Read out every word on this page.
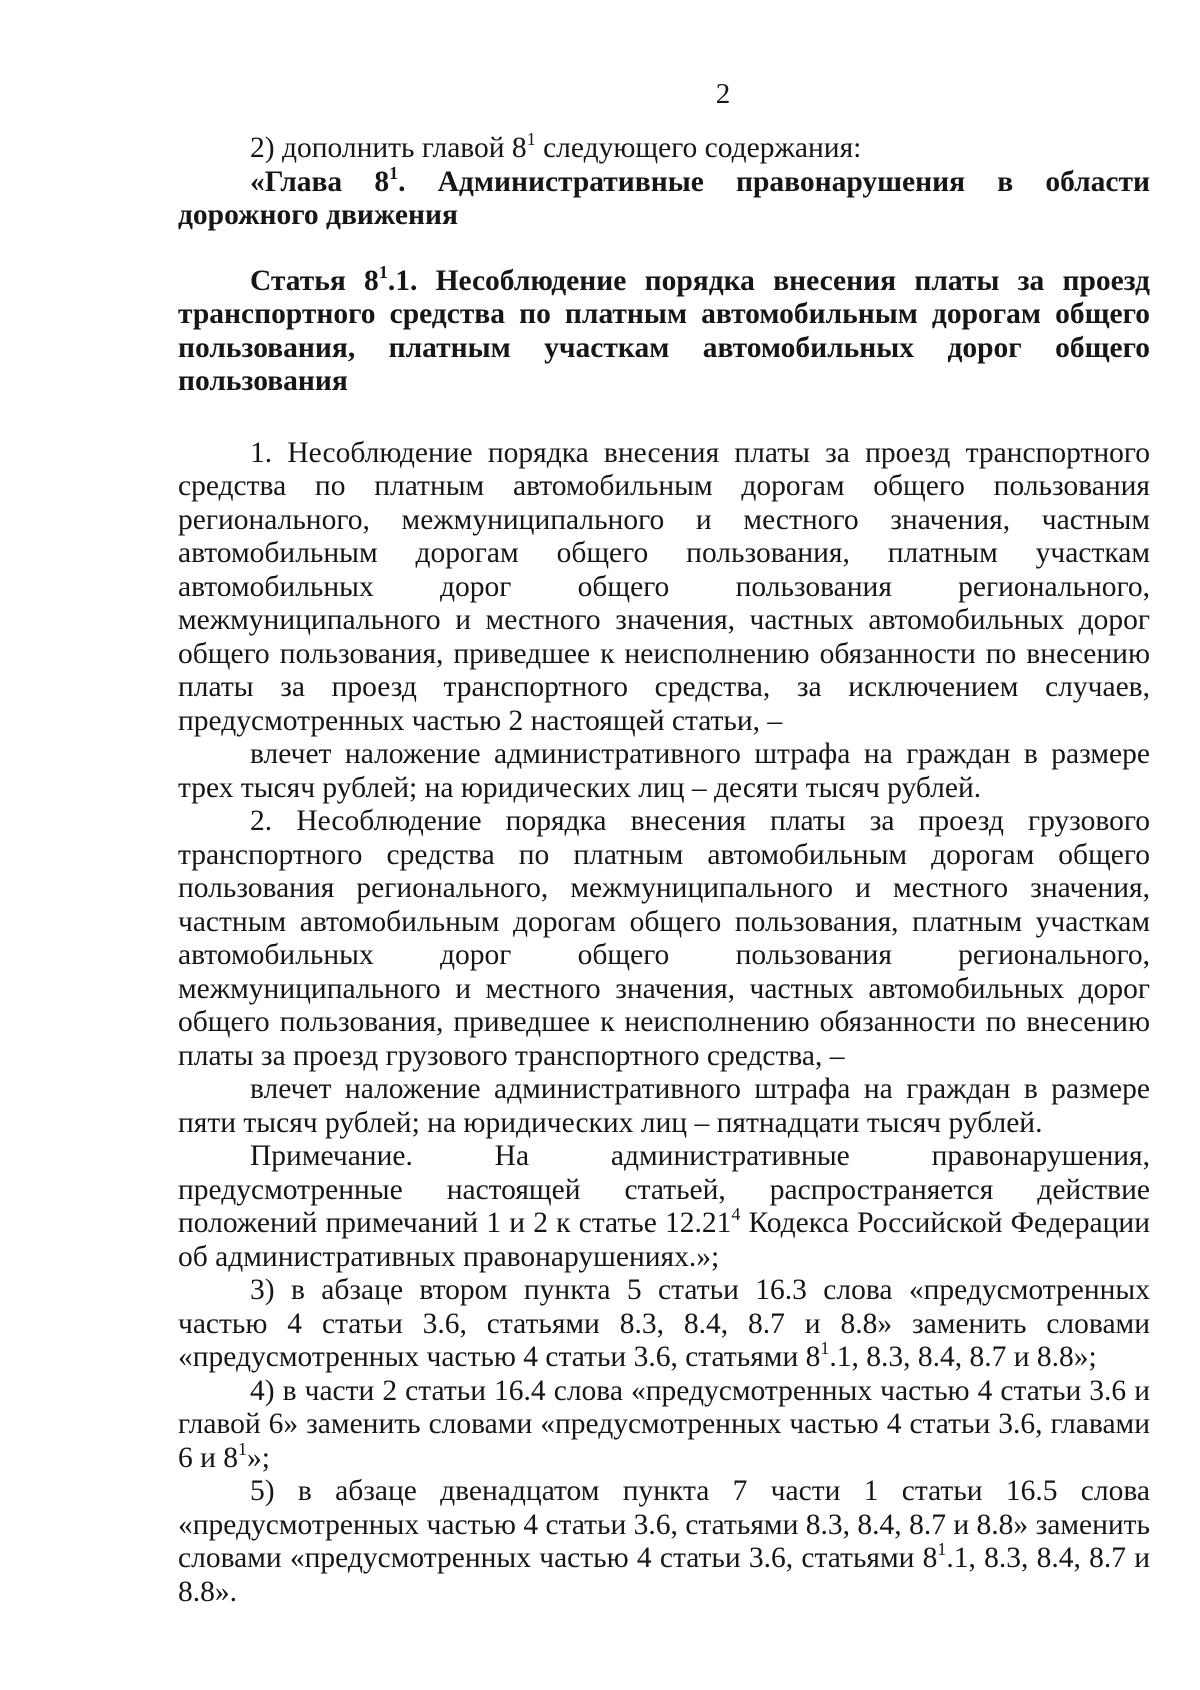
2

2) дополнить главой $8^1$ следующего содержания:

«Глава $8^1$. Административные правонарушения в области дорожного движения

Статья $8^1.1$. Несоблюдение порядка внесения платы за проезд транспортного средства по платным автомобильным дорогам общего пользования, платным участкам автомобильных дорог общего пользования

1. Несоблюдение порядка внесения платы за проезд транспортного средства по платным автомобильным дорогам общего пользования регионального, межмуниципального и местного значения, частным автомобильным дорогам общего пользования, платным участкам автомобильных дорог общего пользования регионального, межмуниципального и местного значения, частных автомобильных дорог общего пользования, приведшее к неисполнению обязанности по внесению платы за проезд транспортного средства, за исключением случаев, предусмотренных частью 2 настоящей статьи, –

влечет наложение административного штрафа на граждан в размере трех тысяч рублей; на юридических лиц – десяти тысяч рублей.

2. Несоблюдение порядка внесения платы за проезд грузового транспортного средства по платным автомобильным дорогам общего пользования регионального, межмуниципального и местного значения, частным автомобильным дорогам общего пользования, платным участкам автомобильных дорог общего пользования регионального, межмуниципального и местного значения, частных автомобильных дорог общего пользования, приведшее к неисполнению обязанности по внесению платы за проезд грузового транспортного средства, –

влечет наложение административного штрафа на граждан в размере пяти тысяч рублей; на юридических лиц – пятнадцати тысяч рублей.

Примечание. На административные правонарушения, предусмотренные настоящей статьей, распространяется действие положений примечаний 1 и 2 к статье 12.21$^4$ Кодекса Российской Федерации об административных правонарушениях.»;

3) в абзаце втором пункта 5 статьи 16.3 слова «предусмотренных частью 4 статьи 3.6, статьями 8.3, 8.4, 8.7 и 8.8» заменить словами «предусмотренных частью 4 статьи 3.6, статьями $8^1.1$, 8.3, 8.4, 8.7 и 8.8»;

4) в части 2 статьи 16.4 слова «предусмотренных частью 4 статьи 3.6 и главой 6» заменить словами «предусмотренных частью 4 статьи 3.6, главами 6 и $8^1$»;

5) в абзаце двенадцатом пункта 7 части 1 статьи 16.5 слова «предусмотренных частью 4 статьи 3.6, статьями 8.3, 8.4, 8.7 и 8.8» заменить словами «предусмотренных частью 4 статьи 3.6, статьями $8^1.1$, 8.3, 8.4, 8.7 и 8.8».
